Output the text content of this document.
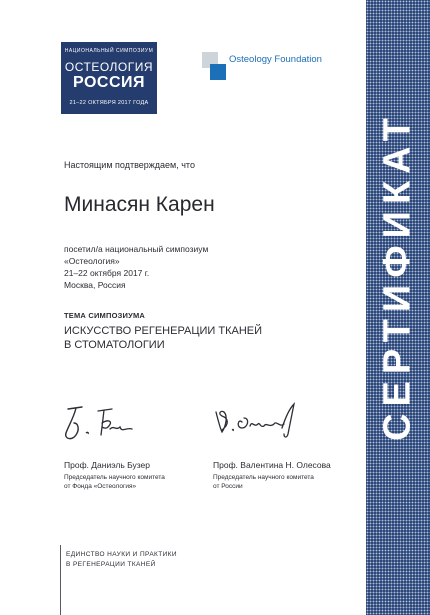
НАЦИОНАЛЬНЫЙ СИМПОЗИУМ
ОСТЕОЛОГИЯ
РОССИЯ
21–22 ОКТЯБРЯ 2017 ГОДА
Osteology Foundation
СЕРТИФИКАТ
Настоящим подтверждаем, что
Минасян Карен
посетил/а национальный симпозиум
«Остеология»
21–22 октября 2017 г.
Москва, Россия
ТЕМА СИМПОЗИУМА
ИСКУССТВО РЕГЕНЕРАЦИИ ТКАНЕЙ
В СТОМАТОЛОГИИ
Проф. Даниэль Бузер
Председатель научного комитета
от Фонда «Остеология»
Проф. Валентина Н. Олесова
Председатель научного комитета
от России
ЕДИНСТВО НАУКИ И ПРАКТИКИ
В РЕГЕНЕРАЦИИ ТКАНЕЙ
